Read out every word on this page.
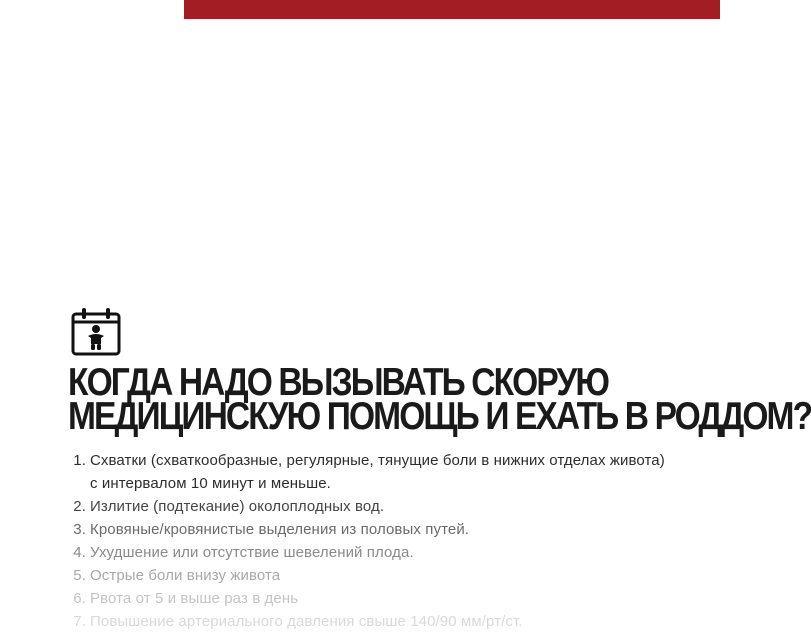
КОГДА НАДО ВЫЗЫВАТЬ СКОРУЮ
МЕДИЦИНСКУЮ ПОМОЩЬ И ЕХАТЬ В РОДДОМ?
1. Схватки (схваткообразные, регулярные, тянущие боли в нижних отделах живота) с интервалом 10 минут и меньше.
2. Излитие (подтекание) околоплодных вод.
3. Кровяные/кровянистые выделения из половых путей.
4. Ухудшение или отсутствие шевелений плода.
5. Острые боли внизу живота
6. Рвота от 5 и выше раз в день
7. Повышение артериального давления свыше 140/90 мм/рт/ст.
